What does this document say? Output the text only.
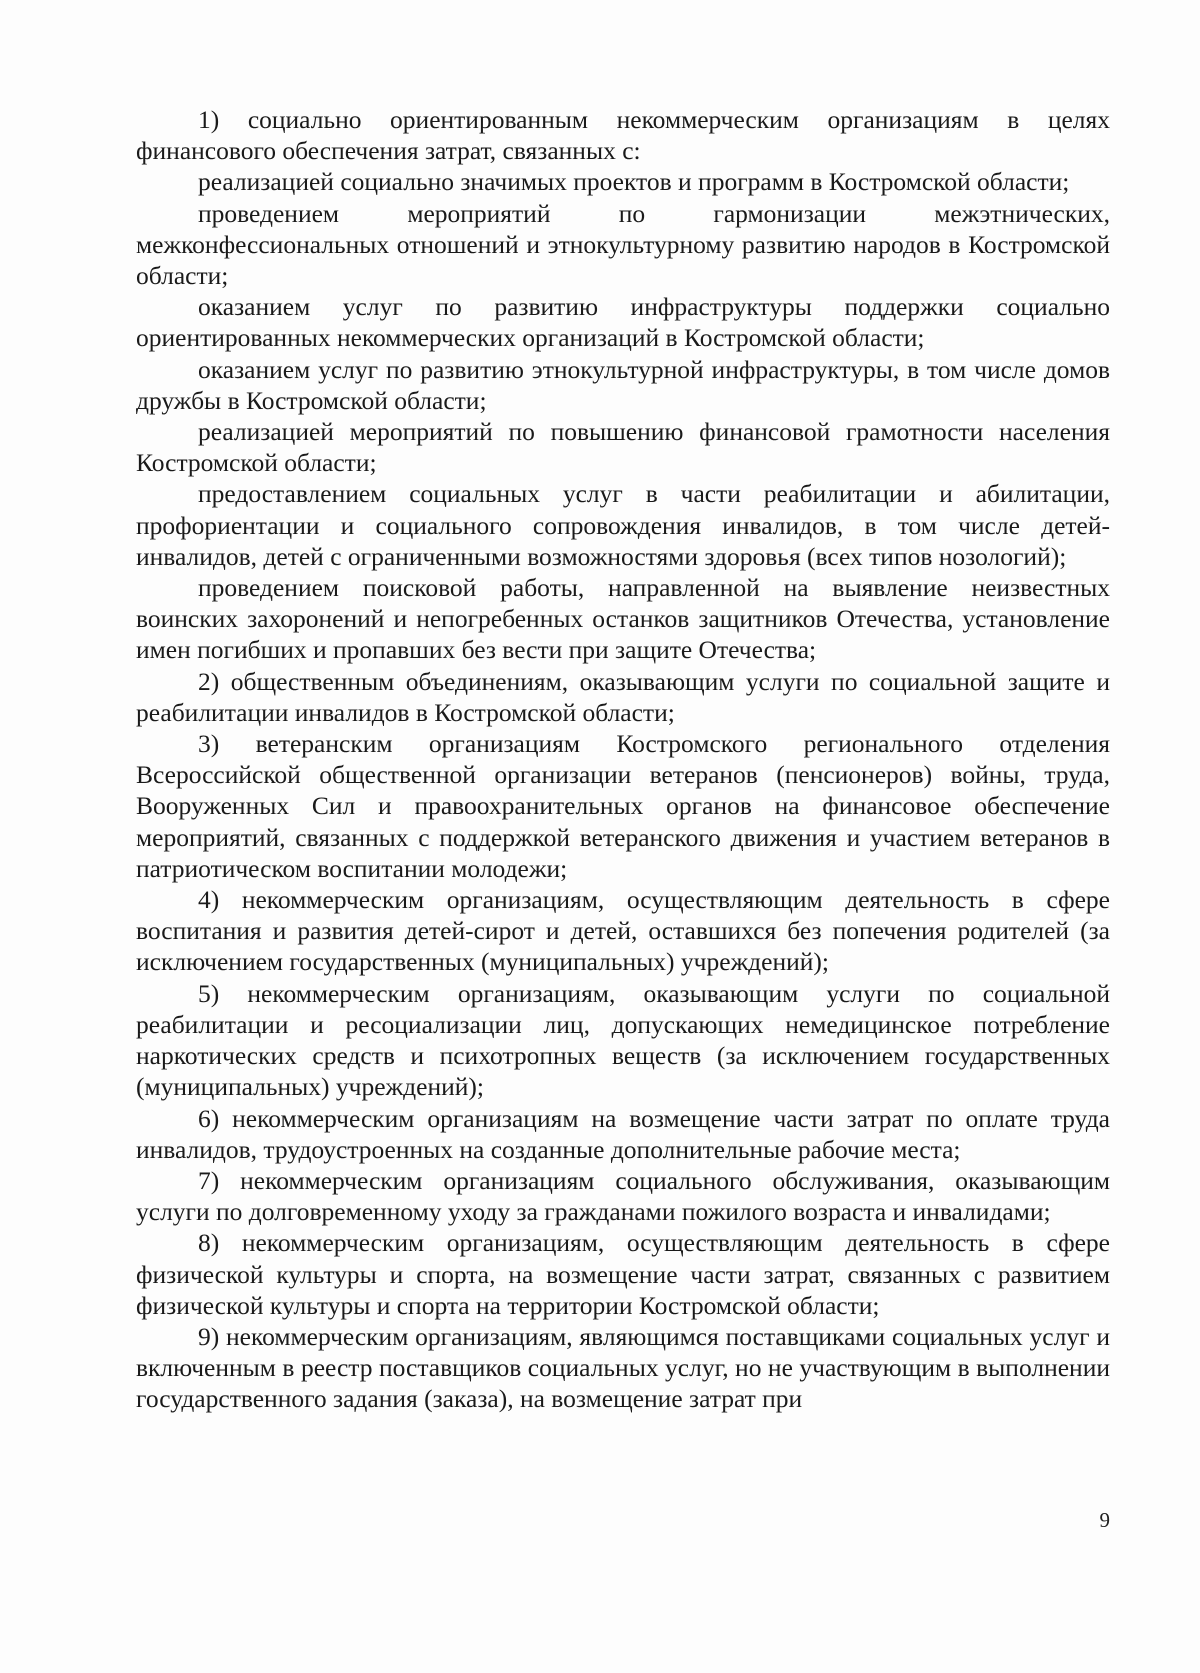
1) социально ориентированным некоммерческим организациям в целях финансового обеспечения затрат, связанных с:

реализацией социально значимых проектов и программ в Костромской области;

проведением мероприятий по гармонизации межэтнических, межконфессиональных отношений и этнокультурному развитию народов в Костромской области;

оказанием услуг по развитию инфраструктуры поддержки социально ориентированных некоммерческих организаций в Костромской области;

оказанием услуг по развитию этнокультурной инфраструктуры, в том числе домов дружбы в Костромской области;

реализацией мероприятий по повышению финансовой грамотности населения Костромской области;

предоставлением социальных услуг в части реабилитации и абилитации, профориентации и социального сопровождения инвалидов, в том числе детей-инвалидов, детей с ограниченными возможностями здоровья (всех типов нозологий);

проведением поисковой работы, направленной на выявление неизвестных воинских захоронений и непогребенных останков защитников Отечества, установление имен погибших и пропавших без вести при защите Отечества;

2) общественным объединениям, оказывающим услуги по социальной защите и реабилитации инвалидов в Костромской области;

3) ветеранским организациям Костромского регионального отделения Всероссийской общественной организации ветеранов (пенсионеров) войны, труда, Вооруженных Сил и правоохранительных органов на финансовое обеспечение мероприятий, связанных с поддержкой ветеранского движения и участием ветеранов в патриотическом воспитании молодежи;

4) некоммерческим организациям, осуществляющим деятельность в сфере воспитания и развития детей-сирот и детей, оставшихся без попечения родителей (за исключением государственных (муниципальных) учреждений);

5) некоммерческим организациям, оказывающим услуги по социальной реабилитации и ресоциализации лиц, допускающих немедицинское потребление наркотических средств и психотропных веществ (за исключением государственных (муниципальных) учреждений);

6) некоммерческим организациям на возмещение части затрат по оплате труда инвалидов, трудоустроенных на созданные дополнительные рабочие места;

7) некоммерческим организациям социального обслуживания, оказывающим услуги по долговременному уходу за гражданами пожилого возраста и инвалидами;

8) некоммерческим организациям, осуществляющим деятельность в сфере физической культуры и спорта, на возмещение части затрат, связанных с развитием физической культуры и спорта на территории Костромской области;

9) некоммерческим организациям, являющимся поставщиками социальных услуг и включенным в реестр поставщиков социальных услуг, но не участвующим в выполнении государственного задания (заказа), на возмещение затрат при

9
